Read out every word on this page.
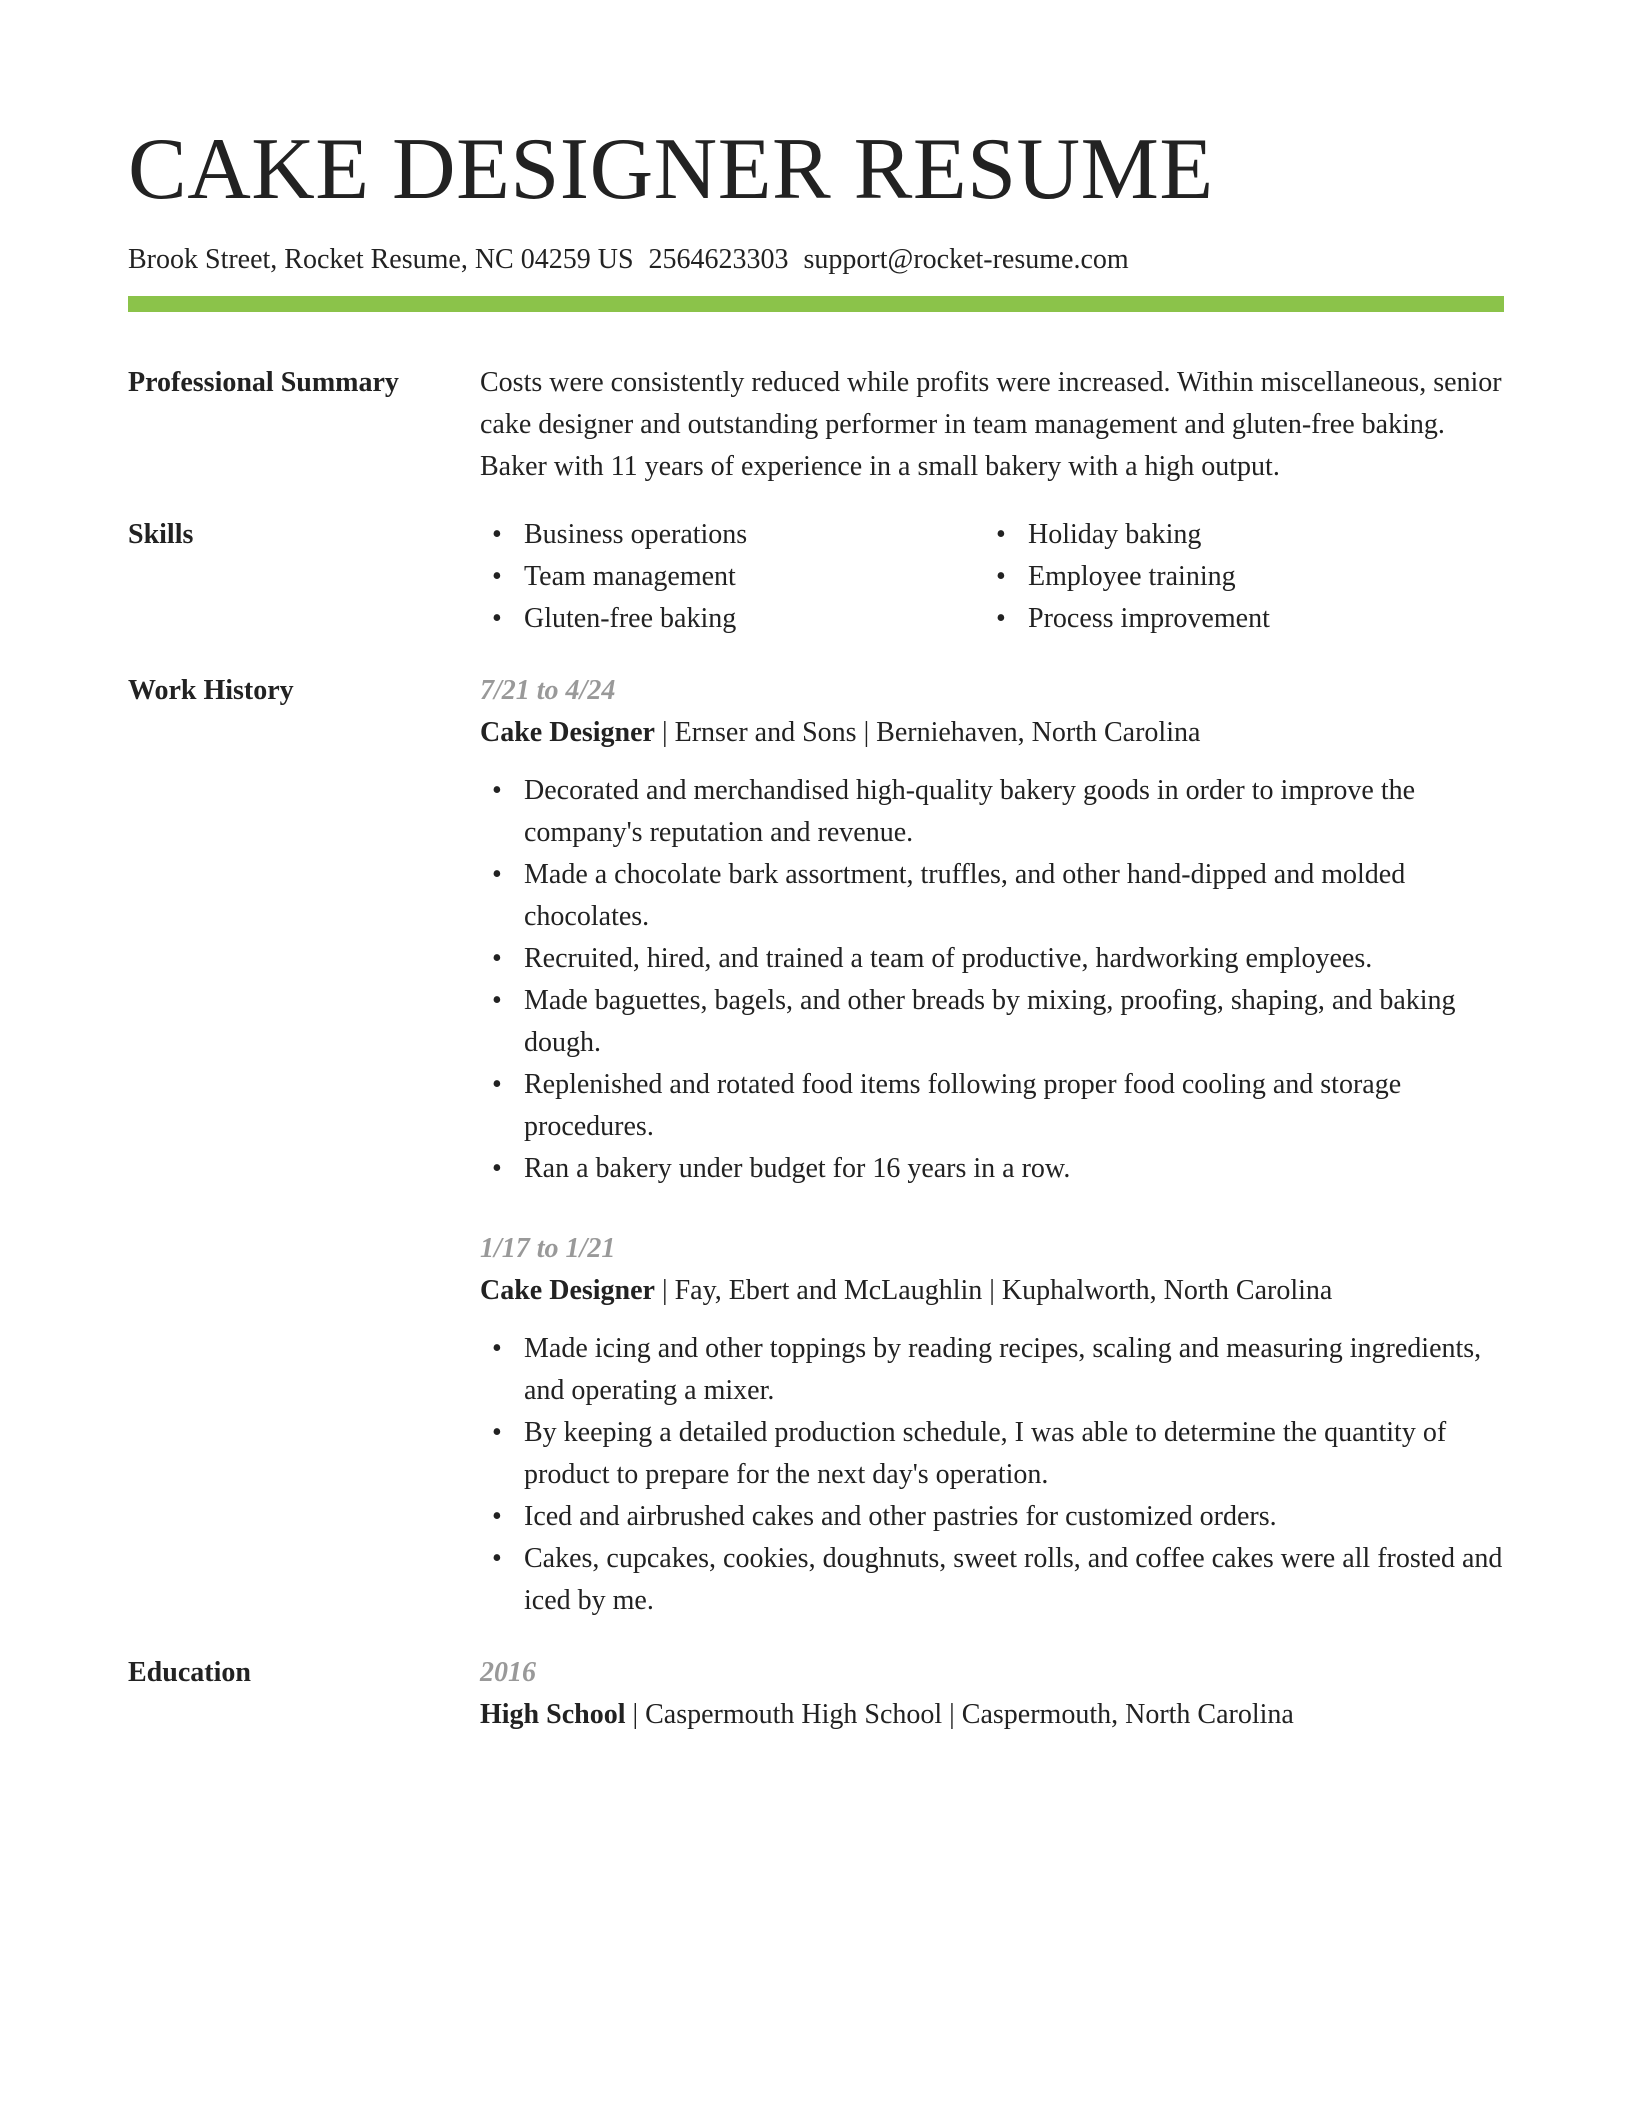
CAKE DESIGNER RESUME
Brook Street, Rocket Resume, NC 04259 US 2564623303 support@rocket-resume.com
Professional Summary	Costs were consistently reduced while profits were increased. Within miscellaneous, senior cake designer and outstanding performer in team management and gluten-free baking. Baker with 11 years of experience in a small bakery with a high output.
Skills
•	Business operations
• Team management
• Gluten-free baking
• Holiday baking
• Employee training
• Process improvement
Work History	7/21 to 4/24
Cake Designer | Ernser and Sons | Berniehaven, North Carolina
• Decorated and merchandised high-quality bakery goods in order to improve the company's reputation and revenue.
• Made a chocolate bark assortment, truffles, and other hand-dipped and molded chocolates.
• Recruited, hired, and trained a team of productive, hardworking employees.
• Made baguettes, bagels, and other breads by mixing, proofing, shaping, and baking dough.
• Replenished and rotated food items following proper food cooling and storage procedures.
• Ran a bakery under budget for 16 years in a row.
1/17 to 1/21
Cake Designer | Fay, Ebert and McLaughlin | Kuphalworth, North Carolina
• Made icing and other toppings by reading recipes, scaling and measuring ingredients, and operating a mixer.
• By keeping a detailed production schedule, I was able to determine the quantity of product to prepare for the next day's operation.
• Iced and airbrushed cakes and other pastries for customized orders.
• Cakes, cupcakes, cookies, doughnuts, sweet rolls, and coffee cakes were all frosted and iced by me.
Education	2016
High School | Caspermouth High School | Caspermouth, North Carolina
